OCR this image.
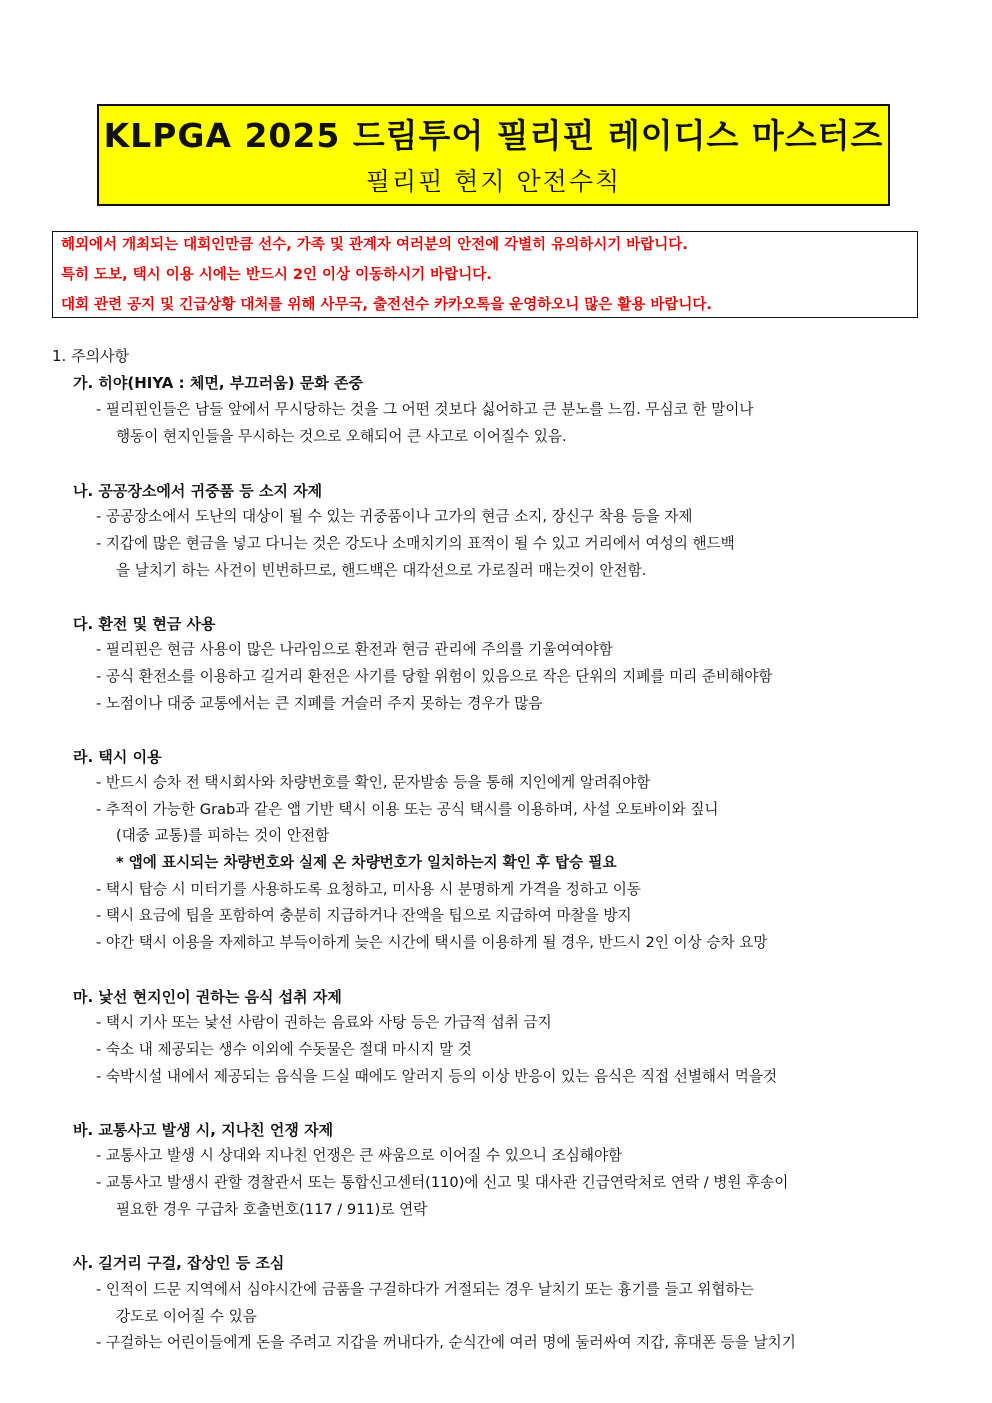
KLPGA 2025 드림투어 필리핀 레이디스 마스터즈
필리핀 현지 안전수칙
해외에서 개최되는 대회인만큼 선수, 가족 및 관계자 여러분의 안전에 각별히 유의하시기 바랍니다.
특히 도보, 택시 이용 시에는 반드시 2인 이상 이동하시기 바랍니다.
대회 관련 공지 및 긴급상황 대처를 위해 사무국, 출전선수 카카오톡을 운영하오니 많은 활용 바랍니다.
1. 주의사항
가. 히야(HIYA : 체면, 부끄러움) 문화 존중
- 필리핀인들은 남들 앞에서 무시당하는 것을 그 어떤 것보다 싫어하고 큰 분노를 느낌. 무심코 한 말이나
행동이 현지인들을 무시하는 것으로 오해되어 큰 사고로 이어질수 있음.
나. 공공장소에서 귀중품 등 소지 자제
- 공공장소에서 도난의 대상이 될 수 있는 귀중품이나 고가의 현금 소지, 장신구 착용 등을 자제
- 지갑에 많은 현금을 넣고 다니는 것은 강도나 소매치기의 표적이 될 수 있고 거리에서 여성의 핸드백
을 날치기 하는 사건이 빈번하므로, 핸드백은 대각선으로 가로질러 매는것이 안전함.
다. 환전 및 현금 사용
- 필리핀은 현금 사용이 많은 나라임으로 환전과 현금 관리에 주의를 기울여여야함
- 공식 환전소를 이용하고 길거리 환전은 사기를 당할 위험이 있음으로 작은 단위의 지폐를 미리 준비해야함
- 노점이나 대중 교통에서는 큰 지폐를 거슬러 주지 못하는 경우가 많음
라. 택시 이용
- 반드시 승차 전 택시회사와 차량번호를 확인, 문자발송 등을 통해 지인에게 알려줘야함
- 추적이 가능한 Grab과 같은 앱 기반 택시 이용 또는 공식 택시를 이용하며, 사설 오토바이와 짚니
(대중 교통)를 피하는 것이 안전함
* 앱에 표시되는 차량번호와 실제 온 차량번호가 일치하는지 확인 후 탑승 필요
- 택시 탑승 시 미터기를 사용하도록 요청하고, 미사용 시 분명하게 가격을 정하고 이동
- 택시 요금에 팁을 포함하여 충분히 지급하거나 잔액을 팁으로 지급하여 마찰을 방지
- 야간 택시 이용을 자제하고 부득이하게 늦은 시간에 택시를 이용하게 될 경우, 반드시 2인 이상 승차 요망
마. 낯선 현지인이 권하는 음식 섭취 자제
- 택시 기사 또는 낯선 사람이 권하는 음료와 사탕 등은 가급적 섭취 금지
- 숙소 내 제공되는 생수 이외에 수돗물은 절대 마시지 말 것
- 숙박시설 내에서 제공되는 음식을 드실 때에도 알러지 등의 이상 반응이 있는 음식은 직접 선별해서 먹을것
바. 교통사고 발생 시, 지나친 언쟁 자제
- 교통사고 발생 시 상대와 지나친 언쟁은 큰 싸움으로 이어질 수 있으니 조심해야함
- 교통사고 발생시 관할 경찰관서 또는 통합신고센터(110)에 신고 및 대사관 긴급연락처로 연락 / 병원 후송이
필요한 경우 구급차 호출번호(117 / 911)로 연락
사. 길거리 구걸, 잡상인 등 조심
- 인적이 드문 지역에서 심야시간에 금품을 구걸하다가 거절되는 경우 날치기 또는 흉기를 들고 위협하는
강도로 이어질 수 있음
- 구걸하는 어린이들에게 돈을 주려고 지갑을 꺼내다가, 순식간에 여러 명에 둘러싸여 지갑, 휴대폰 등을 날치기
